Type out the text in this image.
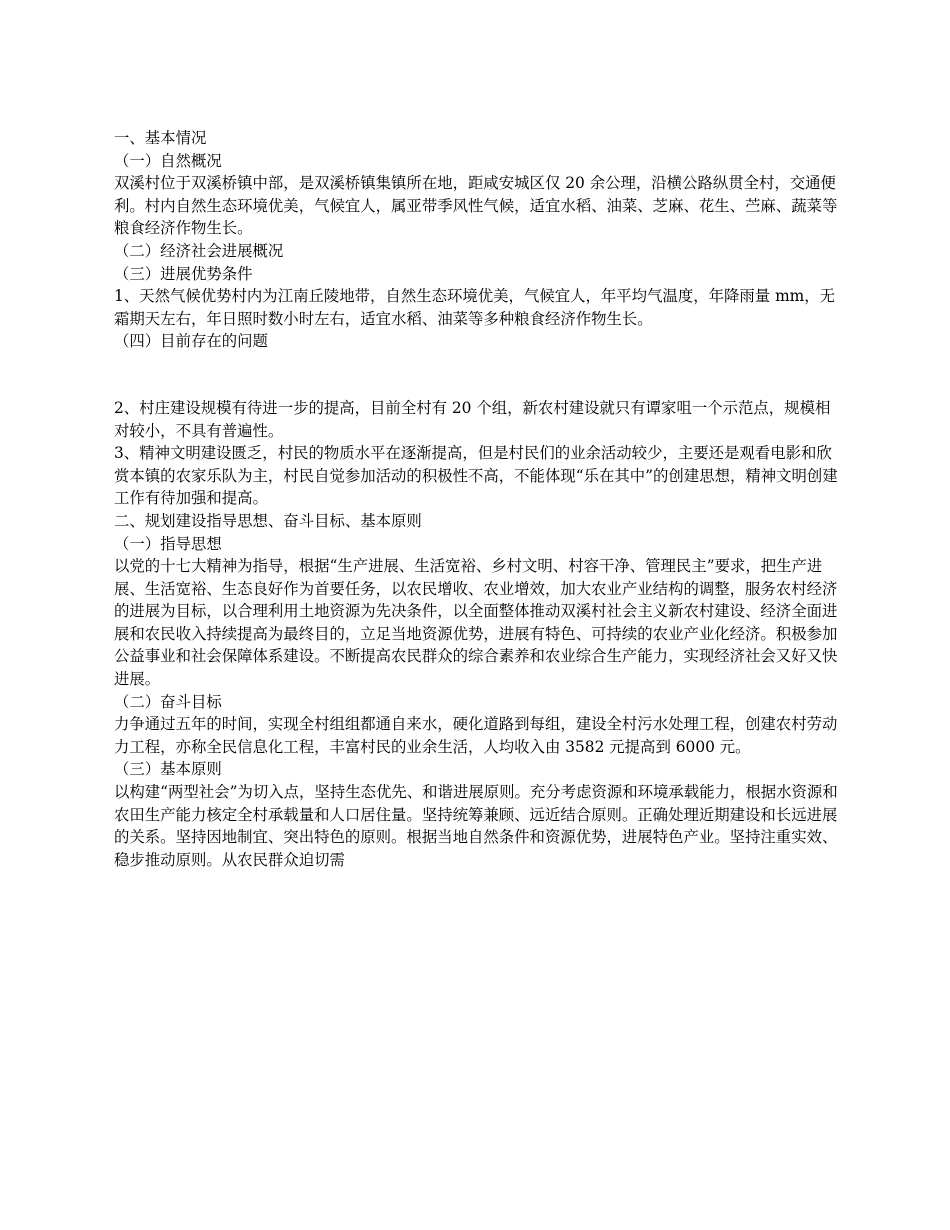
一、基本情况

（一）自然概况

双溪村位于双溪桥镇中部，是双溪桥镇集镇所在地，距咸安城区仅 20 余公理，沿横公路纵贯全村，交通便利。村内自然生态环境优美，气候宜人，属亚带季风性气候，适宜水稻、油菜、芝麻、花生、苎麻、蔬菜等粮食经济作物生长。

（二）经济社会进展概况

（三）进展优势条件

1、天然气候优势村内为江南丘陵地带，自然生态环境优美，气候宜人，年平均气温度，年降雨量 mm，无霜期天左右，年日照时数小时左右，适宜水稻、油菜等多种粮食经济作物生长。

（四）目前存在的问题

2、村庄建设规模有待进一步的提高，目前全村有 20 个组，新农村建设就只有谭家咀一个示范点，规模相对较小，不具有普遍性。

3、精神文明建设匮乏，村民的物质水平在逐渐提高，但是村民们的业余活动较少，主要还是观看电影和欣赏本镇的农家乐队为主，村民自觉参加活动的积极性不高，不能体现“乐在其中”的创建思想，精神文明创建工作有待加强和提高。

二、规划建设指导思想、奋斗目标、基本原则

（一）指导思想

以党的十七大精神为指导，根据“生产进展、生活宽裕、乡村文明、村容干净、管理民主”要求，把生产进展、生活宽裕、生态良好作为首要任务，以农民增收、农业增效，加大农业产业结构的调整，服务农村经济的进展为目标，以合理利用土地资源为先决条件，以全面整体推动双溪村社会主义新农村建设、经济全面进展和农民收入持续提高为最终目的，立足当地资源优势，进展有特色、可持续的农业产业化经济。积极参加公益事业和社会保障体系建设。不断提高农民群众的综合素养和农业综合生产能力，实现经济社会又好又快进展。

（二）奋斗目标

力争通过五年的时间，实现全村组组都通自来水，硬化道路到每组，建设全村污水处理工程，创建农村劳动力工程，亦称全民信息化工程，丰富村民的业余生活，人均收入由 3582 元提高到 6000 元。

（三）基本原则

以构建“两型社会”为切入点，坚持生态优先、和谐进展原则。充分考虑资源和环境承载能力，根据水资源和农田生产能力核定全村承载量和人口居住量。坚持统筹兼顾、远近结合原则。正确处理近期建设和长远进展的关系。坚持因地制宜、突出特色的原则。根据当地自然条件和资源优势，进展特色产业。坚持注重实效、稳步推动原则。从农民群众迫切需
